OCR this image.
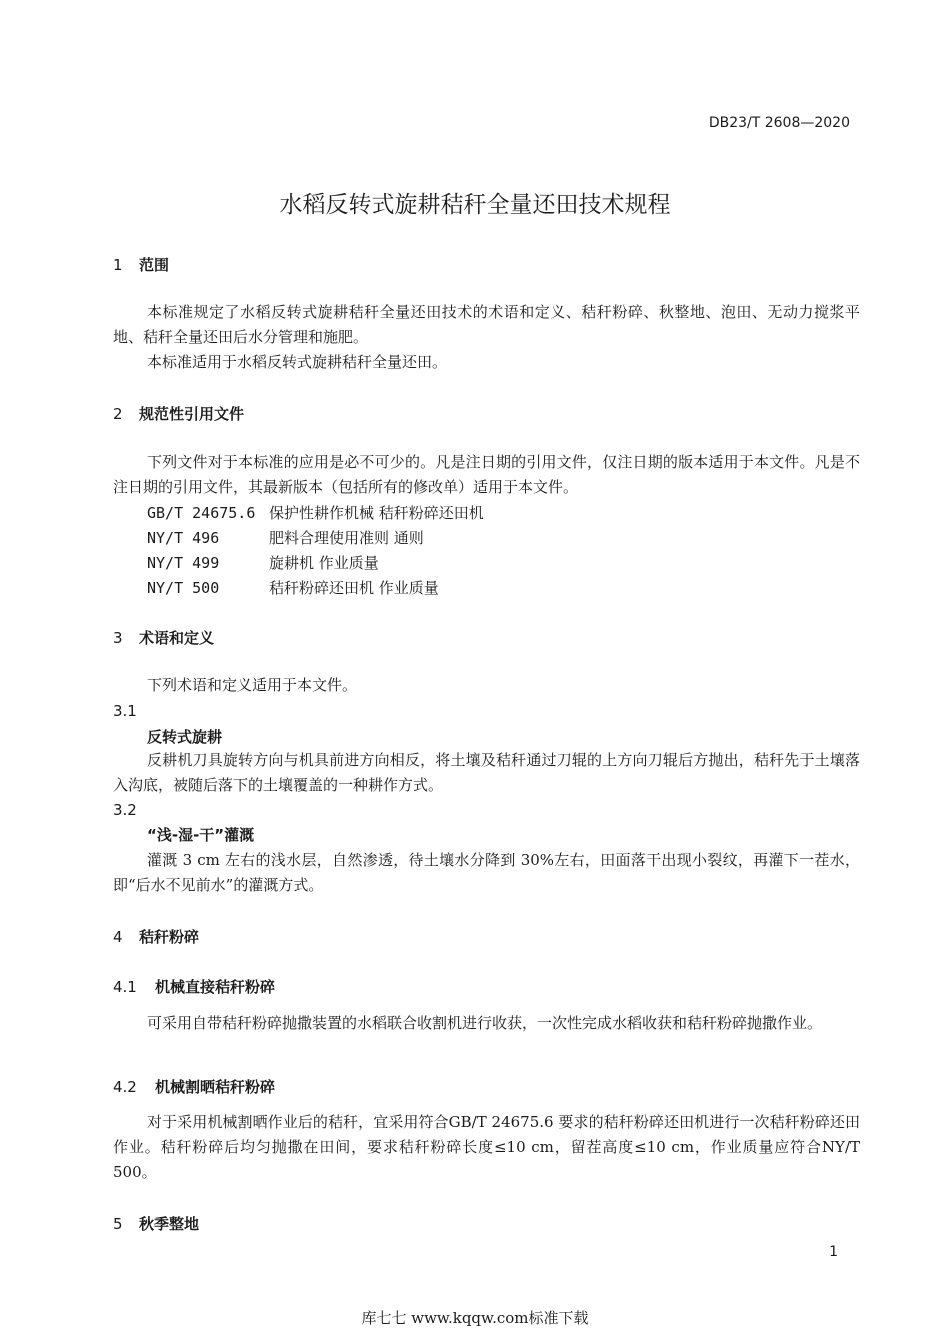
DB23/T 2608—2020
水稻反转式旋耕秸秆全量还田技术规程
1 范围
本标准规定了水稻反转式旋耕秸秆全量还田技术的术语和定义、秸秆粉碎、秋整地、泡田、无动力搅浆平地、秸秆全量还田后水分管理和施肥。
本标准适用于水稻反转式旋耕秸秆全量还田。
2 规范性引用文件
下列文件对于本标准的应用是必不可少的。凡是注日期的引用文件，仅注日期的版本适用于本文件。凡是不注日期的引用文件，其最新版本（包括所有的修改单）适用于本文件。
GB/T 24675.6 保护性耕作机械 秸秆粉碎还田机
NY/T 496	肥料合理使用准则 通则
NY/T 499	旋耕机 作业质量
NY/T 500	秸秆粉碎还田机 作业质量
3 术语和定义
下列术语和定义适用于本文件。
3.1
反转式旋耕
反耕机刀具旋转方向与机具前进方向相反，将土壤及秸秆通过刀辊的上方向刀辊后方抛出，秸秆先于土壤落入沟底，被随后落下的土壤覆盖的一种耕作方式。
3.2
“浅-湿-干”灌溉
灌溉 3 cm 左右的浅水层，自然渗透，待土壤水分降到 30%左右，田面落干出现小裂纹，再灌下一茬水，即“后水不见前水”的灌溉方式。
4 秸秆粉碎
4.1 机械直接秸秆粉碎
可采用自带秸秆粉碎抛撒装置的水稻联合收割机进行收获，一次性完成水稻收获和秸秆粉碎抛撒作业。
4.2 机械割晒秸秆粉碎
对于采用机械割晒作业后的秸秆，宜采用符合GB/T 24675.6 要求的秸秆粉碎还田机进行一次秸秆粉碎还田作业。秸秆粉碎后均匀抛撒在田间，要求秸秆粉碎长度≤10 cm，留茬高度≤10 cm，作业质量应符合NY/T 500。
5 秋季整地
1
库七七 www.kqqw.com标准下载
